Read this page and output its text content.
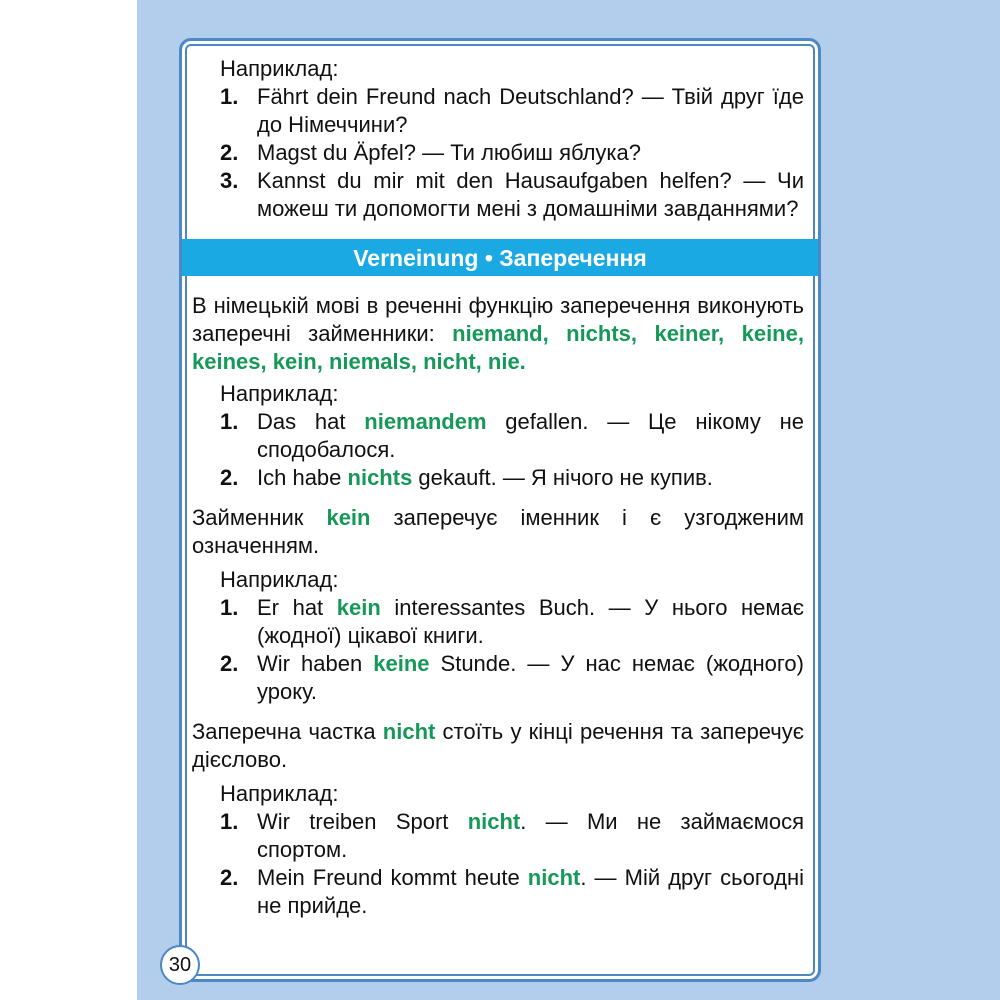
Наприклад:
1. Fährt dein Freund nach Deutschland? — Твій друг їде до Німеччини?
2. Magst du Äpfel? — Ти любиш яблука?
3. Kannst du mir mit den Hausaufgaben helfen? — Чи можеш ти допомогти мені з домашніми завданнями?
Verneinung • Заперечення
В німецькій мові в реченні функцію заперечення виконують заперечні займенники: niemand, nichts, keiner, keine, keines, kein, niemals, nicht, nie.
Наприклад:
1. Das hat niemandem gefallen. — Це нікому не сподобалося.
2. Ich habe nichts gekauft. — Я нічого не купив.
Займенник kein заперечує іменник і є узгодженим означенням.
Наприклад:
1. Er hat kein interessantes Buch. — У нього немає (жодної) цікавої книги.
2. Wir haben keine Stunde. — У нас немає (жодного) уроку.
Заперечна частка nicht стоїть у кінці речення та заперечує дієслово.
Наприклад:
1. Wir treiben Sport nicht. — Ми не займаємося спортом.
2. Mein Freund kommt heute nicht. — Мій друг сьогодні не прийде.
30
